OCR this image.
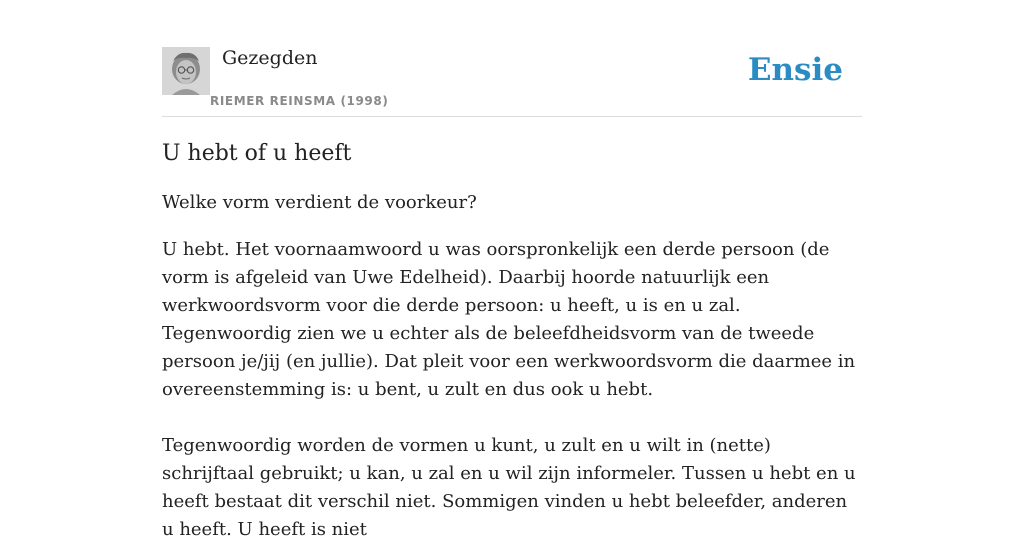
Gezegden
RIEMER REINSMA (1998)
Ensie
U hebt of u heeft

Welke vorm verdient de voorkeur?

U hebt. Het voornaamwoord u was oorspronkelijk een derde persoon (de vorm is afgeleid van Uwe Edelheid). Daarbij hoorde natuurlijk een werkwoordsvorm voor die derde persoon: u heeft, u is en u zal. Tegenwoordig zien we u echter als de beleefdheidsvorm van de tweede persoon je/jij (en jullie). Dat pleit voor een werkwoordsvorm die daarmee in overeenstemming is: u bent, u zult en dus ook u hebt.

Tegenwoordig worden de vormen u kunt, u zult en u wilt in (nette) schrijftaal gebruikt; u kan, u zal en u wil zijn informeler. Tussen u hebt en u heeft bestaat dit verschil niet. Sommigen vinden u hebt beleefder, anderen u heeft. U heeft is niet
